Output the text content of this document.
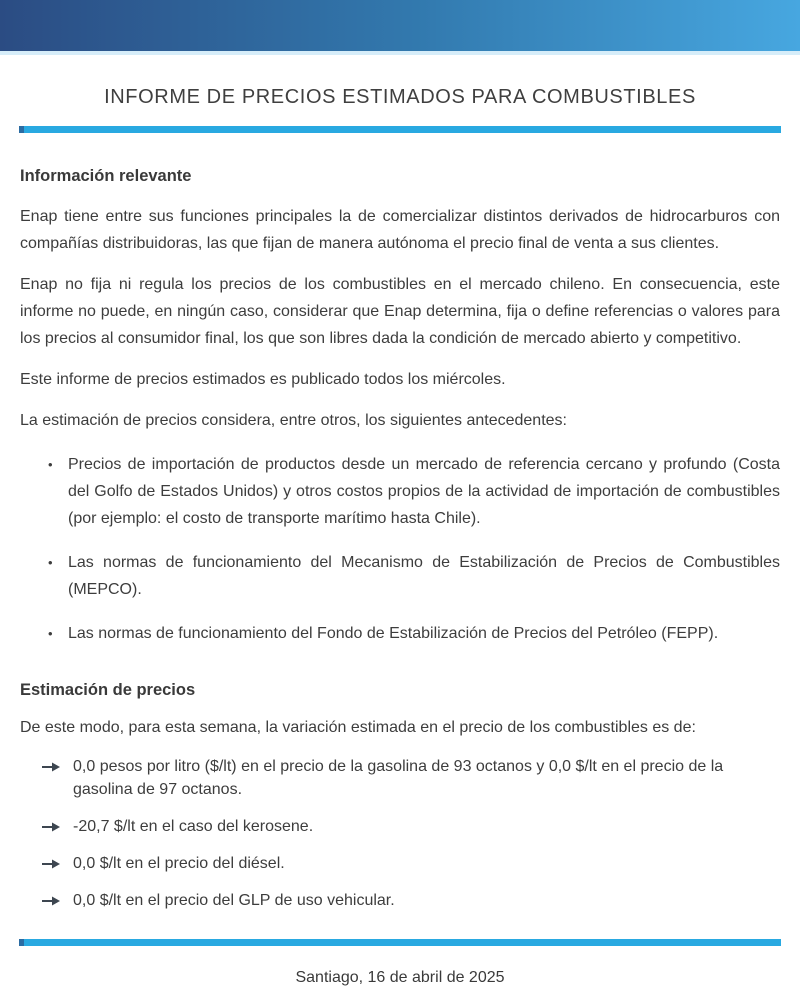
INFORME DE PRECIOS ESTIMADOS PARA COMBUSTIBLES
Información relevante

Enap tiene entre sus funciones principales la de comercializar distintos derivados de hidrocarburos con compañías distribuidoras, las que fijan de manera autónoma el precio final de venta a sus clientes.

Enap no fija ni regula los precios de los combustibles en el mercado chileno. En consecuencia, este informe no puede, en ningún caso, considerar que Enap determina, fija o define referencias o valores para los precios al consumidor final, los que son libres dada la condición de mercado abierto y competitivo.

Este informe de precios estimados es publicado todos los miércoles.

La estimación de precios considera, entre otros, los siguientes antecedentes:

• Precios de importación de productos desde un mercado de referencia cercano y profundo (Costa del Golfo de Estados Unidos) y otros costos propios de la actividad de importación de combustibles (por ejemplo: el costo de transporte marítimo hasta Chile).
• Las normas de funcionamiento del Mecanismo de Estabilización de Precios de Combustibles (MEPCO).
• Las normas de funcionamiento del Fondo de Estabilización de Precios del Petróleo (FEPP).
Estimación de precios

De este modo, para esta semana, la variación estimada en el precio de los combustibles es de:

0,0 pesos por litro ($/lt) en el precio de la gasolina de 93 octanos y 0,0 $/lt en el precio de la gasolina de 97 octanos.
-20,7 $/lt en el caso del kerosene.
0,0 $/lt en el precio del diésel.
0,0 $/lt en el precio del GLP de uso vehicular.

Santiago, 16 de abril de 2025
